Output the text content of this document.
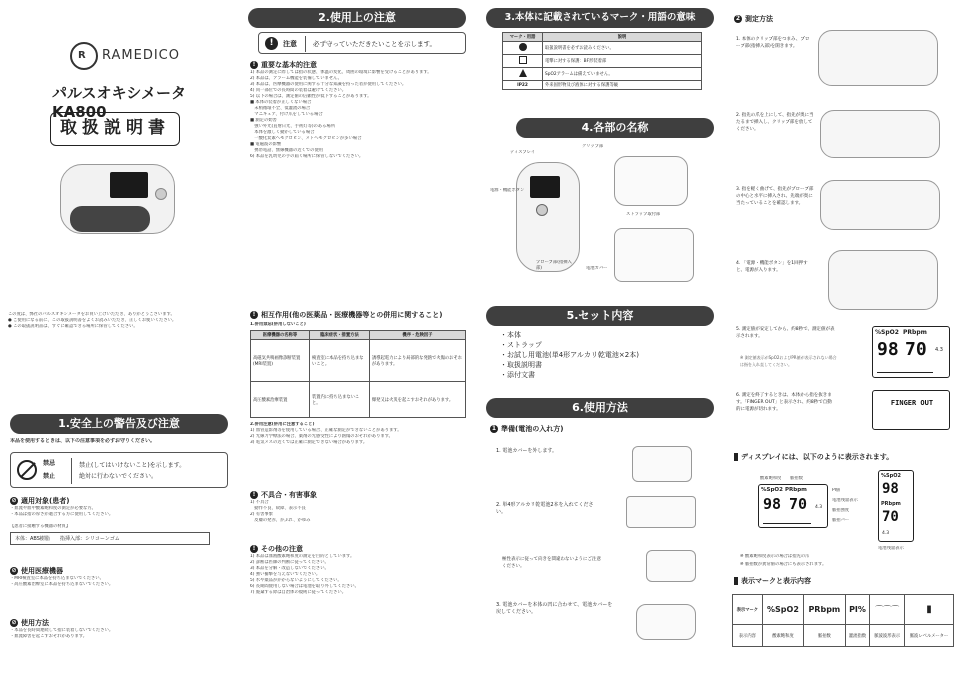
R RAMEDICO
パルスオキシメータ KA800
取扱説明書
この度は、弊社のパルスオキシメータをお買い上げいただき、ありがとうございます。
● ご使用になる前に、この取扱説明書をよくお読みいただき、正しくお使いください。
● この取扱説明書は、すぐに確認できる場所に保管してください。
1.安全上の警告及び注意
本品を使用するときは、以下の注意事項を必ずお守りください。
禁忌
禁止
禁止(してはいけないこと)を示します。
絶対に行わないでください。
⊘ 適用対象(患者)
・血流や血中酸素飽和度の測定が必要な方。
・本品は指の厚さが適合する方に使用してください。
【患者に接触する機器の材質】
本体：ABS樹脂　　指挿入部：シリコーンゴム
⊘ 使用医療機器
・MRI検査室に本品を持ち込まないでください。
・高圧酸素治療室に本品を持ち込まないでください。
⊘ 使用方法
・本品を長時間連続して指に装着しないでください。
・血流障害を起こすおそれがあります。
2.使用上の注意
!	注意 必ず守っていただきたいことを示します。
! 重要な基本的注意
1) 本品の測定に際しては指の状態、体温の変化、周囲の環境に影響を受けることがあります。
2) 本品は、アラーム機能を装備していません。
3) 本品は、医療機器の使用に関する十分な知識を持った者が使用してください。
4) 同一部位での長時間の装着は避けてください。
5) 以下の場合は、測定値の信頼性が低下することがあります。
■ 本体の装着が正しくない場合
　末梢循環不全、低灌流の場合
　マニキュア、付け爪をしている場合
■ 測定の妨害
　強い外光(直射日光、手術灯等)のある場所
　本体を激しく動かしている場合
　一酸化炭素ヘモグロビン、メトヘモグロビンが多い場合
■ 電磁波の影響
　携帯電話、無線機器の近くでの使用
6) 本品を乳幼児の手の届く場所に保管しないでください。
! 相互作用(他の医薬品・医療機器等との併用に関すること)
1.併用禁忌(併用しないこと)
医療機器の名称等	臨床症状・措置方法	機序・危険因子
高磁気共鳴画像診断装置(MRI装置)	検査室に本品を持ち込まないこと。	誘導起電力により局部的な発熱で火傷のおそれがあります。
高圧酸素治療装置	装置内に持ち込まないこと。	爆発又は火災を起こすおそれがあります。
2.併用注意(併用に注意すること)
1) 血管造影剤等を使用している場合、正確な測定ができないことがあります。
2) 光線力学療法の場合、薬剤の光感受性により熱傷のおそれがあります。
3) 電気メスの近くでは正確に測定できない場合があります。
! 不具合・有害事象
1) 不具合
　動作不良、故障、表示不良
2) 有害事象
　皮膚の発赤、かぶれ、かゆみ
! その他の注意
1) 本品は血液酸素飽和度の測定を目的としています。
2) 診断は医師の判断に従ってください。
3) 本品を分解・改造しないでください。
4) 強い衝撃を与えないでください。
5) 水や薬品がかからないようにしてください。
6) 長期間使用しない場合は電池を取り外してください。
7) 廃棄する際は自治体の規則に従ってください。
3.本体に記載されているマーク・用語の意味
マーク・用語	説明
	取扱説明書を必ずお読みください。
	電撃に対する保護：BF形装着部
	SpO2アラームは備えていません。
IP22	外来固形物及び液体に対する保護等級
4.各部の名称
ディスプレイ
クリップ部
電源・機能ボタン
ストラップ取付部
プローブ部(指挿入部)	電池カバー
5.セット内容
・本体
・ストラップ
・お試し用電池(単4形アルカリ乾電池×2本)
・取扱説明書
・添付文書
6.使用方法
1 準備(電池の入れ方)
1. 電池カバーを外します。
2. 単4形アルカリ乾電池2本を入れてください。
極性表示に従って向きを間違わないようにご注意ください。
3. 電池カバーを本体の凹に合わせて、電池カバーを戻してください。
2 測定方法
1. 本体のクリップ部をつまみ、プローブ部(指挿入部)を開きます。
2. 指先の爪を上にして、指先が奥に当たるまで挿入し、クリップ部を放してください。
3. 指を軽く曲げて、指先がプローブ部の中心と水平に挿入され、先端が奥に当たっていることを確認します。
4. 「電源・機能ボタン」を1回押すと、電源が入ります。
5. 測定値が安定してから、約8秒で、測定値が表示されます。
※ 測定値表示がSpO2およびPR値が表示されない場合は指を入れ直してください。
%SpO2 PRbpm
98 70 4.3
6. 測定を終了するときは、本体から指を抜きます。「FINGER OUT」と表示され、約8秒で自動的に電源が切れます。
FINGER OUT
ディスプレイには、以下のように表示されます。
%SpO2 PRbpm
98 70 4.3
酸素飽和度 脈拍数
PI値
電池残量表示
脈拍強度
脈拍バー
%SpO2
98
PRbpm
70
4.3
電池残量表示
※ 酸素飽和度表示の場合は指先の爪
※ 脈拍数が異常値の場合にも表示されます。
表示マークと表示内容
表示マーク	%SpO2	PRbpm	PI%	⌒⌒⌒	▮
表示内容	酸素飽和度	脈拍数	灌流指数	脈波波形表示	脈波レベルメーター
